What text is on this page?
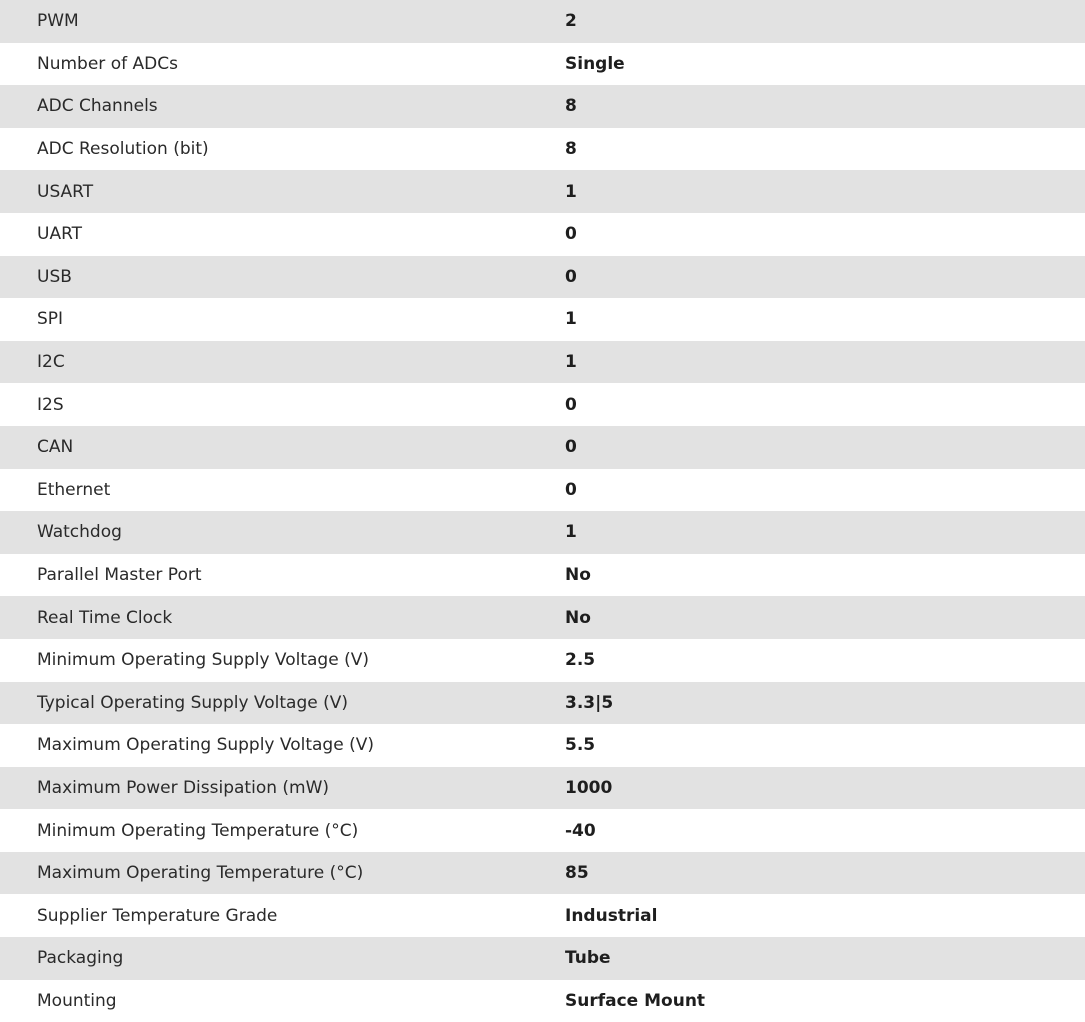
PWM	2
Number of ADCs	Single
ADC Channels	8
ADC Resolution (bit)	8
USART	1
UART	0
USB	0
SPI	1
I2C	1
I2S	0
CAN	0
Ethernet	0
Watchdog	1
Parallel Master Port	No
Real Time Clock	No
Minimum Operating Supply Voltage (V)	2.5
Typical Operating Supply Voltage (V)	3.3|5
Maximum Operating Supply Voltage (V)	5.5
Maximum Power Dissipation (mW)	1000
Minimum Operating Temperature (°C)	-40
Maximum Operating Temperature (°C)	85
Supplier Temperature Grade	Industrial
Packaging	Tube
Mounting	Surface Mount
